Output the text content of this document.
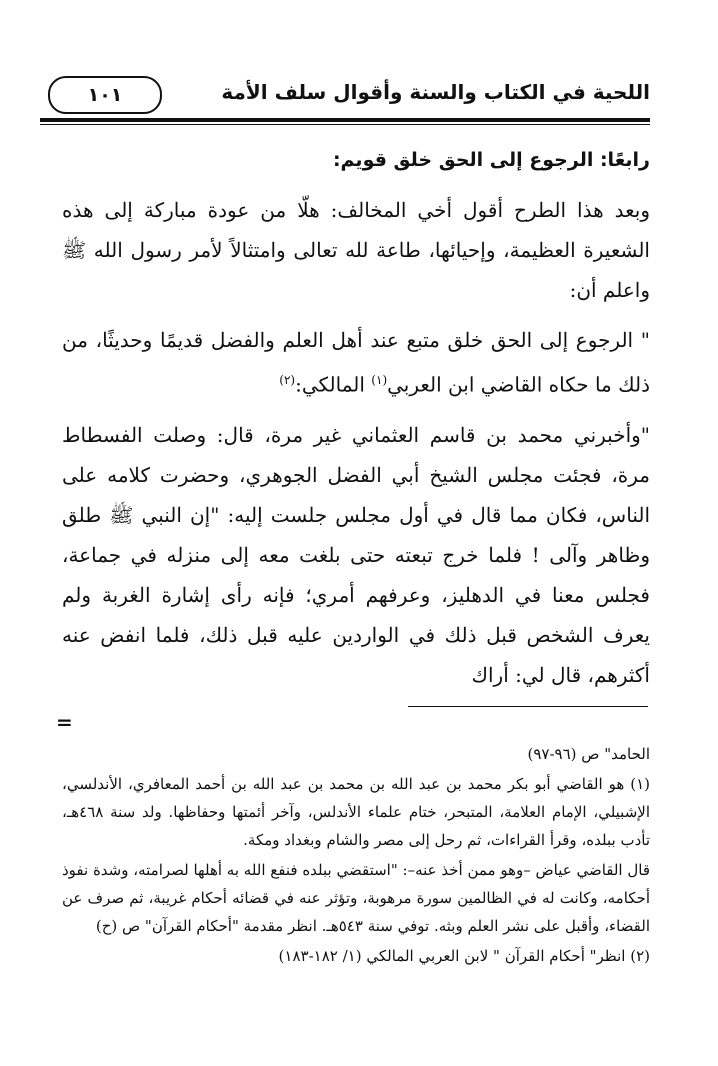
اللحية في الكتاب والسنة وأقوال سلف الأمة
١٠١
رابعًا: الرجوع إلى الحق خلق قويم:

وبعد هذا الطرح أقول أخي المخالف: هلّا من عودة مباركة إلى هذه الشعيرة العظيمة، وإحيائها، طاعة لله تعالى وامتثالاً لأمر رسول الله ﷺ واعلم أن:

" الرجوع إلى الحق خلق متبع عند أهل العلم والفضل قديمًا وحديثًا، من ذلك ما حكاه القاضي ابن العربي$^{(١)}$ المالكي:$^{(٢)}$

"وأخبرني محمد بن قاسم العثماني غير مرة، قال: وصلت الفسطاط مرة، فجئت مجلس الشيخ أبي الفضل الجوهري، وحضرت كلامه على الناس، فكان مما قال في أول مجلس جلست إليه: "إن النبي ﷺ طلق وظاهر وآلى ! فلما خرج تبعته حتى بلغت معه إلى منزله في جماعة، فجلس معنا في الدهليز، وعرفهم أمري؛ فإنه رأى إشارة الغربة ولم يعرف الشخص قبل ذلك في الواردين عليه قبل ذلك، فلما انفض عنه أكثرهم، قال لي: أراك

=

الحامد" ص (٩٦-٩٧)

(١) هو القاضي أبو بكر محمد بن عبد الله بن محمد بن عبد الله بن أحمد المعافري، الأندلسي، الإشبيلي، الإمام العلامة، المتبحر، ختام علماء الأندلس، وآخر أئمتها وحفاظها. ولد سنة ٤٦٨هـ، تأدب ببلده، وقرأ القراءات، ثم رحل إلى مصر والشام وبغداد ومكة.

قال القاضي عياض –وهو ممن أخذ عنه–: "استقضي ببلده فنفع الله به أهلها لصرامته، وشدة نفوذ أحكامه، وكانت له في الظالمين سورة مرهوبة، وتؤثر عنه في قضائه أحكام غريبة، ثم صرف عن القضاء، وأقبل على نشر العلم وبثه. توفي سنة ٥٤٣هـ. انظر مقدمة "أحكام القرآن" ص (ح)

(٢) انظر" أحكام القرآن " لابن العربي المالكي (١/ ١٨٢-١٨٣)
